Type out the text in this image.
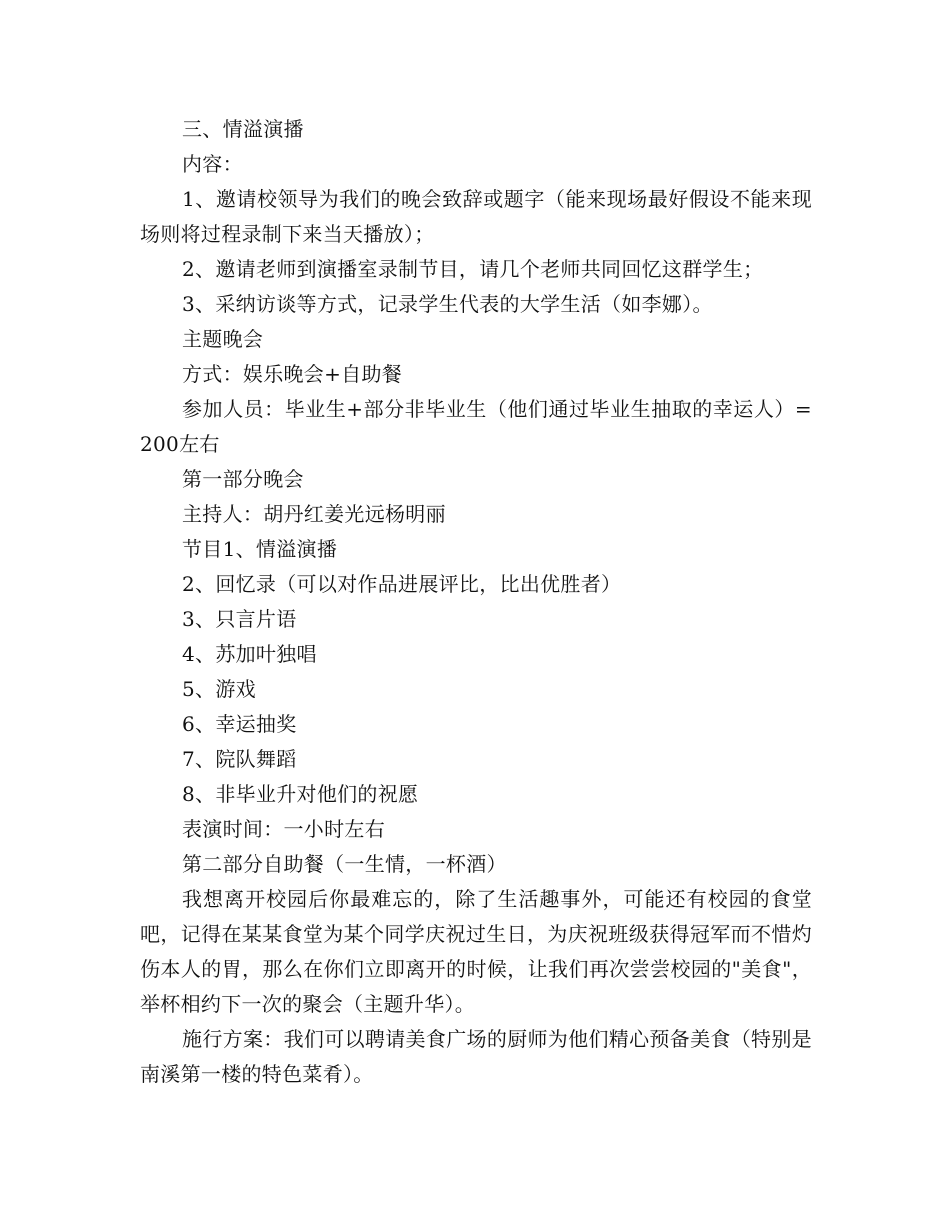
三、情溢演播

内容：

1、邀请校领导为我们的晚会致辞或题字（能来现场最好假设不能来现场则将过程录制下来当天播放）；

2、邀请老师到演播室录制节目，请几个老师共同回忆这群学生；

3、采纳访谈等方式，记录学生代表的大学生活（如李娜）。

主题晚会

方式：娱乐晚会+自助餐

参加人员：毕业生+部分非毕业生（他们通过毕业生抽取的幸运人）=200左右

第一部分晚会

主持人：胡丹红姜光远杨明丽

节目1、情溢演播

2、回忆录（可以对作品进展评比，比出优胜者）

3、只言片语

4、苏加叶独唱

5、游戏

6、幸运抽奖

7、院队舞蹈

8、非毕业升对他们的祝愿

表演时间：一小时左右

第二部分自助餐（一生情，一杯酒）

我想离开校园后你最难忘的，除了生活趣事外，可能还有校园的食堂吧，记得在某某食堂为某个同学庆祝过生日，为庆祝班级获得冠军而不惜灼伤本人的胃，那么在你们立即离开的时候，让我们再次尝尝校园的"美食"，举杯相约下一次的聚会（主题升华）。

施行方案：我们可以聘请美食广场的厨师为他们精心预备美食（特别是南溪第一楼的特色菜肴）。
